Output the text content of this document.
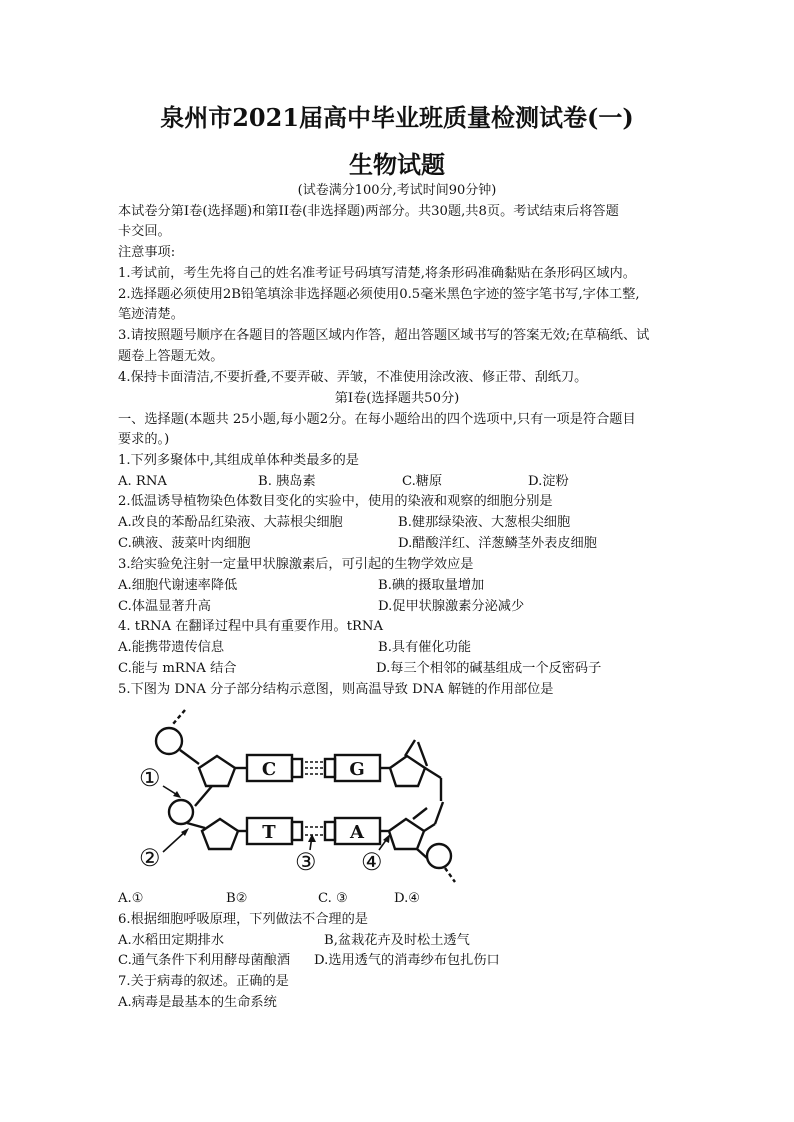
泉州市2021届高中毕业班质量检测试卷(一)
生物试题
(试卷满分100分,考试时间90分钟)
本试卷分第I卷(选择题)和第II卷(非选择题)两部分。共30题,共8页。考试结束后将答题
卡交回。
注意事项:
1.考试前，考生先将自己的姓名准考证号码填写清楚,将条形码准确黏贴在条形码区域内。
2.选择题必须使用2B铅笔填涂非选择题必须使用0.5毫米黑色字迹的签字笔书写,字体工整,
笔迹清楚。
3.请按照题号顺序在各题目的答题区域内作答，超出答题区域书写的答案无效;在草稿纸、试
题卷上答题无效。
4.保持卡面清洁,不要折叠,不要弄破、弄皱，不准使用涂改液、修正带、刮纸刀。
第I卷(选择题共50分)
一、选择题(本题共 25小题,每小题2分。在每小题给出的四个选项中,只有一项是符合题目
要求的。)
1.下列多聚体中,其组成单体种类最多的是
A. RNA	B. 胰岛素	C.糖原	D.淀粉
2.低温诱导植物染色体数目变化的实验中，使用的染液和观察的细胞分别是
A.改良的苯酚品红染液、大蒜根尖细胞	B.健那绿染液、大葱根尖细胞
C.碘液、菠菜叶肉细胞	D.醋酸洋红、洋葱鳞茎外表皮细胞
3.给实验免注射一定量甲状腺激素后，可引起的生物学效应是
A.细胞代谢速率降低	B.碘的摄取量增加
C.体温显著升高	D.促甲状腺激素分泌减少
4. tRNA 在翻译过程中具有重要作用。tRNA
A.能携带遗传信息	B.具有催化功能
C.能与 mRNA 结合	D.每三个相邻的碱基组成一个反密码子
5.下图为 DNA 分子部分结构示意图，则高温导致 DNA 解链的作用部位是
C	G
T	A
①
②	③ ④
A.①	B②	C. ③	D.④
6.根据细胞呼吸原理，下列做法不合理的是
A.水稻田定期排水	B,盆栽花卉及时松土透气
C.通气条件下利用酵母菌酿酒 D.选用透气的消毒纱布包扎伤口
7.关于病毒的叙述。正确的是
A.病毒是最基本的生命系统
